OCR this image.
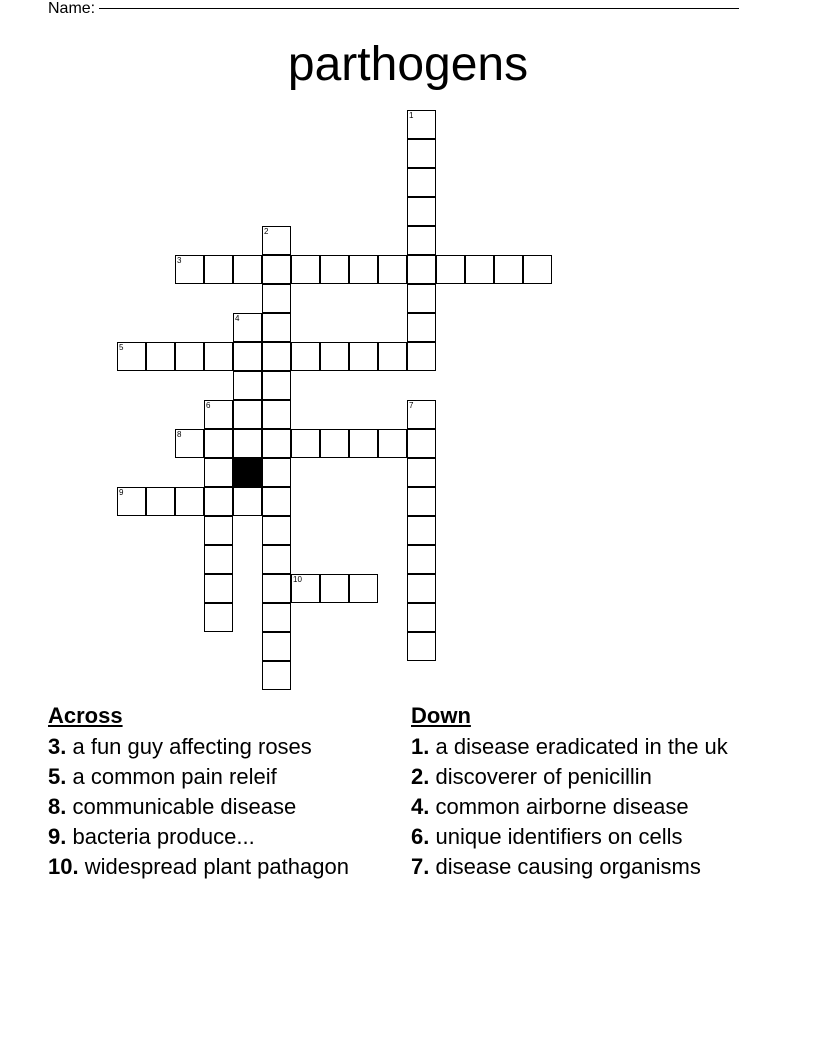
Name:
parthogens
1
2
3
4
5
6	7
8
9
10
Across
3. a fun guy affecting roses
5. a common pain releif
8. communicable disease
9. bacteria produce...
10. widespread plant pathagon
Down
1. a disease eradicated in the uk
2. discoverer of penicillin
4. common airborne disease
6. unique identifiers on cells
7. disease causing organisms
